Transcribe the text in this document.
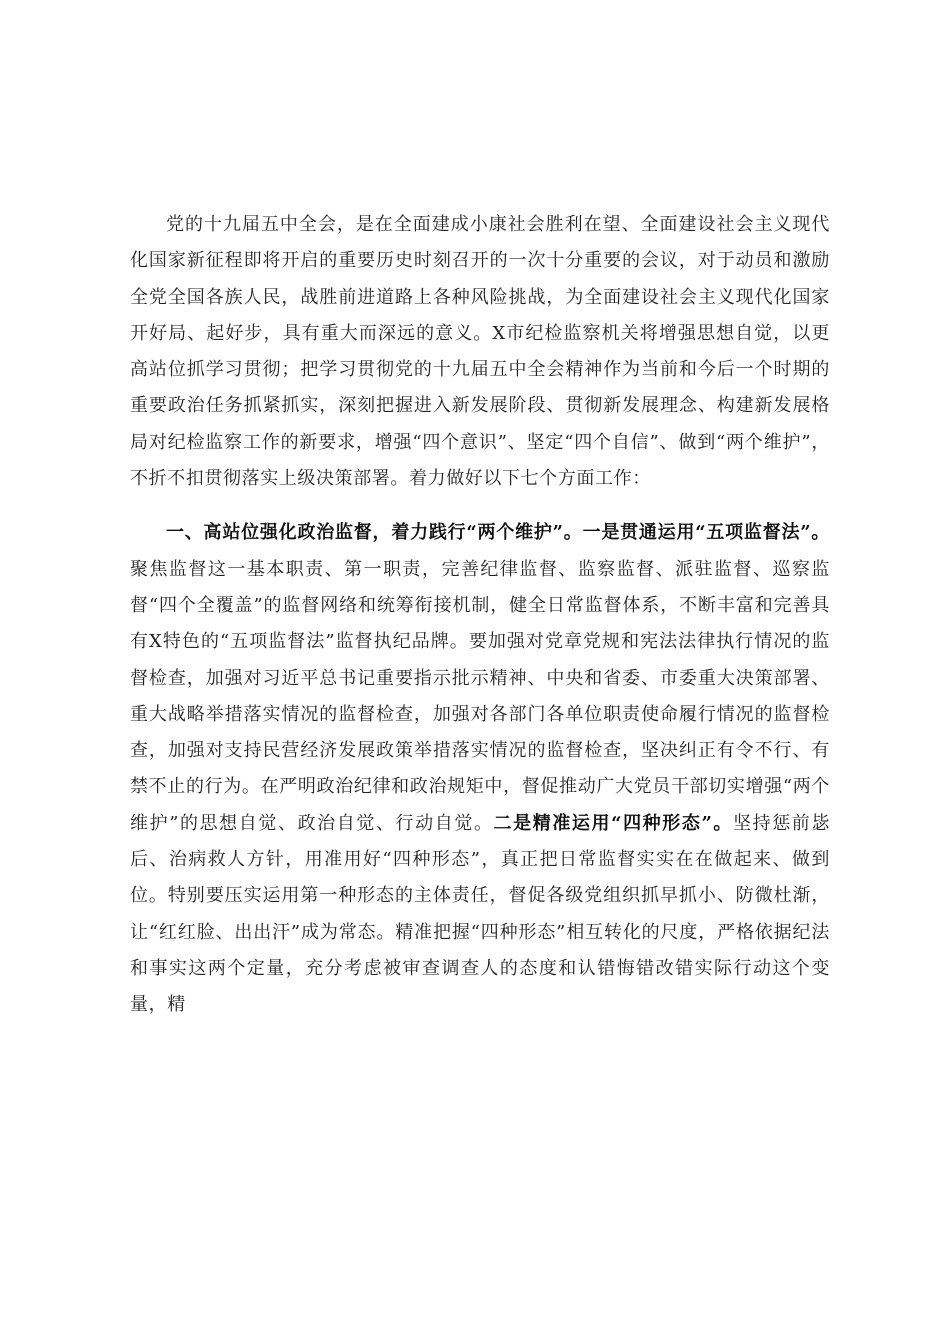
党的十九届五中全会，是在全面建成小康社会胜利在望、全面建设社会主义现代化国家新征程即将开启的重要历史时刻召开的一次十分重要的会议，对于动员和激励全党全国各族人民，战胜前进道路上各种风险挑战，为全面建设社会主义现代化国家开好局、起好步，具有重大而深远的意义。X市纪检监察机关将增强思想自觉，以更高站位抓学习贯彻；把学习贯彻党的十九届五中全会精神作为当前和今后一个时期的重要政治任务抓紧抓实，深刻把握进入新发展阶段、贯彻新发展理念、构建新发展格局对纪检监察工作的新要求，增强“四个意识”、坚定“四个自信”、做到“两个维护”，不折不扣贯彻落实上级决策部署。着力做好以下七个方面工作：

一、高站位强化政治监督，着力践行“两个维护”。一是贯通运用“五项监督法”。聚焦监督这一基本职责、第一职责，完善纪律监督、监察监督、派驻监督、巡察监督“四个全覆盖”的监督网络和统筹衔接机制，健全日常监督体系，不断丰富和完善具有X特色的“五项监督法”监督执纪品牌。要加强对党章党规和宪法法律执行情况的监督检查，加强对习近平总书记重要指示批示精神、中央和省委、市委重大决策部署、重大战略举措落实情况的监督检查，加强对各部门各单位职责使命履行情况的监督检查，加强对支持民营经济发展政策举措落实情况的监督检查，坚决纠正有令不行、有禁不止的行为。在严明政治纪律和政治规矩中，督促推动广大党员干部切实增强“两个维护”的思想自觉、政治自觉、行动自觉。二是精准运用“四种形态”。坚持惩前毖后、治病救人方针，用准用好“四种形态”，真正把日常监督实实在在做起来、做到位。特别要压实运用第一种形态的主体责任，督促各级党组织抓早抓小、防微杜渐，让“红红脸、出出汗”成为常态。精准把握“四种形态”相互转化的尺度，严格依据纪法和事实这两个定量，充分考虑被审查调查人的态度和认错悔错改错实际行动这个变量，精
